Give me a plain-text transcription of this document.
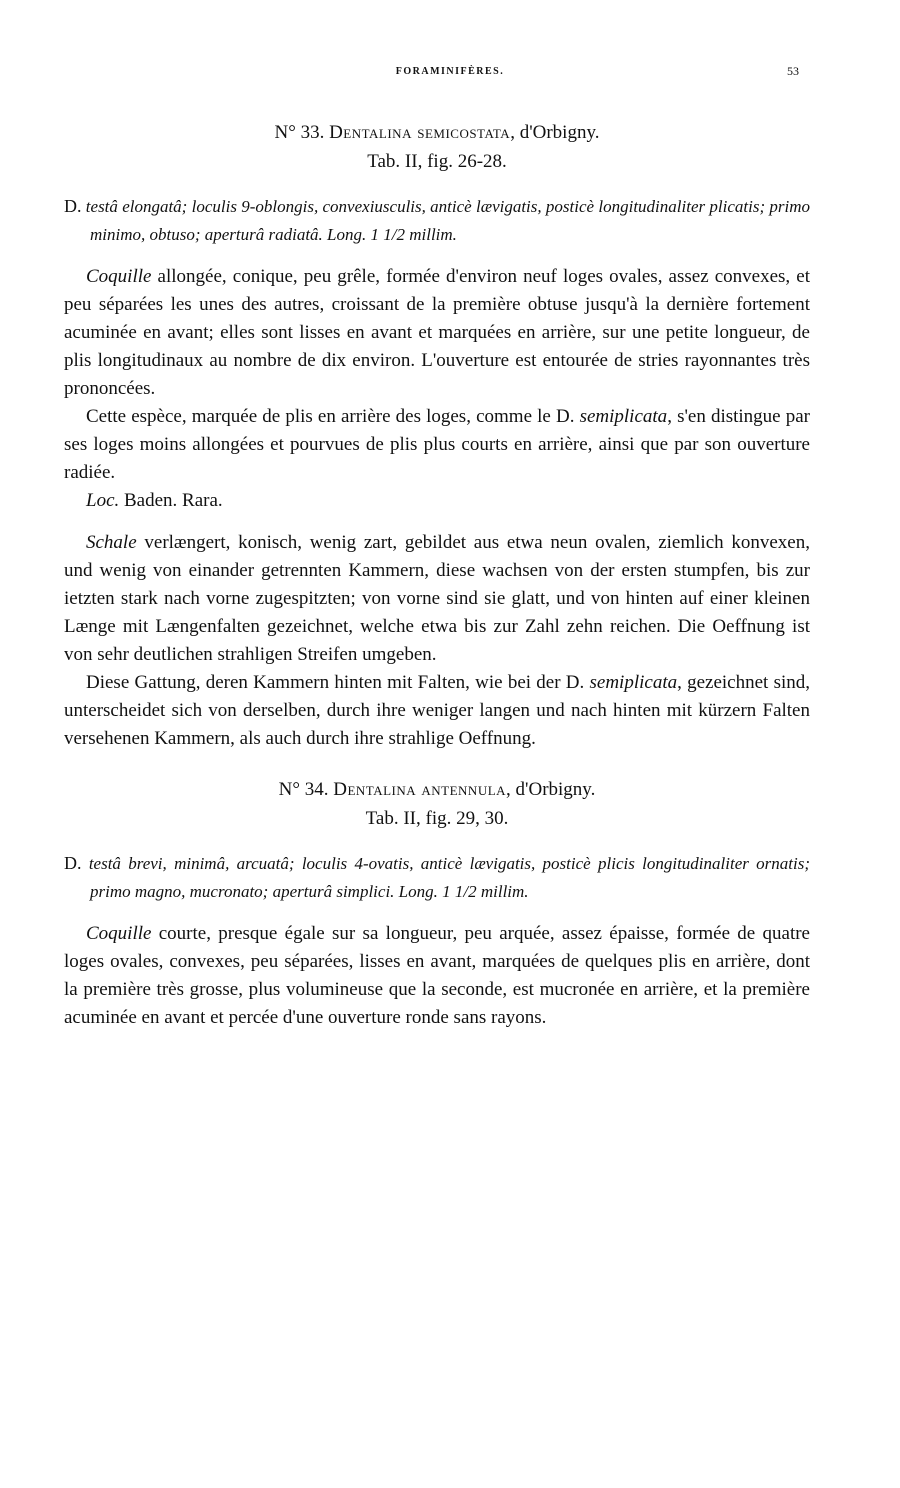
FORAMINIFÈRES.	53
N° 33. Dentalina semicostata, d'Orbigny.
Tab. II, fig. 26-28.
D. testâ elongatâ; loculis 9-oblongis, convexiusculis, anticè lævigatis, posticè longitudinaliter plicatis; primo minimo, obtuso; aperturâ radiatâ. Long. 1 1/2 millim.

Coquille allongée, conique, peu grêle, formée d'environ neuf loges ovales, assez convexes, et peu séparées les unes des autres, croissant de la première obtuse jusqu'à la dernière fortement acuminée en avant; elles sont lisses en avant et marquées en arrière, sur une petite longueur, de plis longitudinaux au nombre de dix environ. L'ouverture est entourée de stries rayonnantes très prononcées.

Cette espèce, marquée de plis en arrière des loges, comme le D. semiplicata, s'en distingue par ses loges moins allongées et pourvues de plis plus courts en arrière, ainsi que par son ouverture radiée.

Loc. Baden. Rara.

Schale verlængert, konisch, wenig zart, gebildet aus etwa neun ovalen, ziemlich konvexen, und wenig von einander getrennten Kammern, diese wachsen von der ersten stumpfen, bis zur ietzten stark nach vorne zugespitzten; von vorne sind sie glatt, und von hinten auf einer kleinen Længe mit Længenfalten gezeichnet, welche etwa bis zur Zahl zehn reichen. Die Oeffnung ist von sehr deutlichen strahligen Streifen umgeben.

Diese Gattung, deren Kammern hinten mit Falten, wie bei der D. semiplicata, gezeichnet sind, unterscheidet sich von derselben, durch ihre weniger langen und nach hinten mit kürzern Falten versehenen Kammern, als auch durch ihre strahlige Oeffnung.

N° 34. Dentalina antennula, d'Orbigny.
Tab. II, fig. 29, 30.
D. testâ brevi, minimâ, arcuatâ; loculis 4-ovatis, anticè lævigatis, posticè plicis longitudinaliter ornatis; primo magno, mucronato; aperturâ simplici. Long. 1 1/2 millim.

Coquille courte, presque égale sur sa longueur, peu arquée, assez épaisse, formée de quatre loges ovales, convexes, peu séparées, lisses en avant, marquées de quelques plis en arrière, dont la première très grosse, plus volumineuse que la seconde, est mucronée en arrière, et la première acuminée en avant et percée d'une ouverture ronde sans rayons.
